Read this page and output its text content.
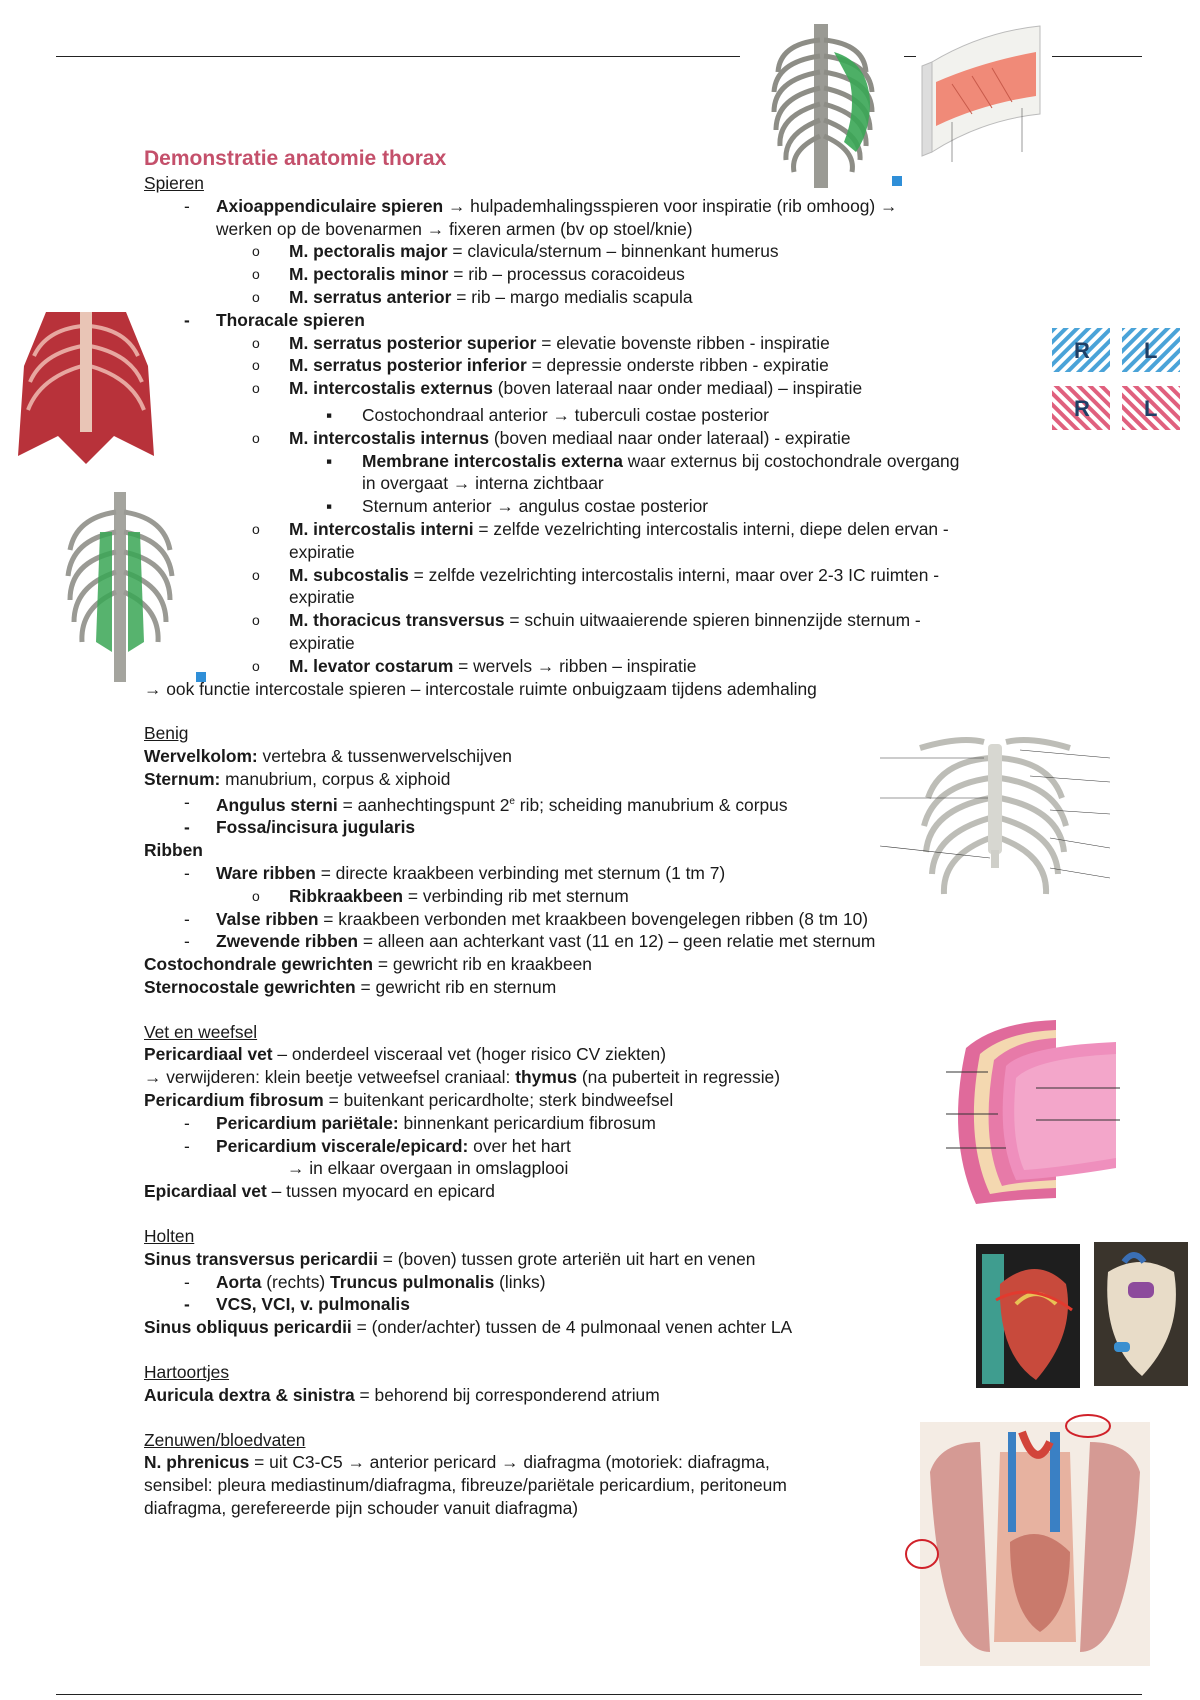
R L
R L
Demonstratie anatomie thorax
Spieren
- Axioappendiculaire spieren → hulpademhalingsspieren voor inspiratie (rib omhoog) →
werken op de bovenarmen → fixeren armen (bv op stoel/knie)
o M. pectoralis major = clavicula/sternum – binnenkant humerus
o M. pectoralis minor = rib – processus coracoideus
o M. serratus anterior = rib – margo medialis scapula
- Thoracale spieren
o M. serratus posterior superior = elevatie bovenste ribben - inspiratie
o M. serratus posterior inferior = depressie onderste ribben - expiratie
o M. intercostalis externus (boven lateraal naar onder mediaal) – inspiratie
▪ Costochondraal anterior → tuberculi costae posterior
o M. intercostalis internus (boven mediaal naar onder lateraal) - expiratie
▪ Membrane intercostalis externa waar externus bij costochondrale overgang
in overgaat → interna zichtbaar
▪ Sternum anterior → angulus costae posterior
o M. intercostalis interni = zelfde vezelrichting intercostalis interni, diepe delen ervan -
expiratie
o M. subcostalis = zelfde vezelrichting intercostalis interni, maar over 2-3 IC ruimten -
expiratie
o M. thoracicus transversus = schuin uitwaaierende spieren binnenzijde sternum -
expiratie
o M. levator costarum = wervels → ribben – inspiratie
→ ook functie intercostale spieren – intercostale ruimte onbuigzaam tijdens ademhaling
Benig
Wervelkolom: vertebra & tussenwervelschijven
Sternum: manubrium, corpus & xiphoid
- Angulus sterni = aanhechtingspunt 2e rib; scheiding manubrium & corpus
- Fossa/incisura jugularis
Ribben
- Ware ribben = directe kraakbeen verbinding met sternum (1 tm 7)
o Ribkraakbeen = verbinding rib met sternum
- Valse ribben = kraakbeen verbonden met kraakbeen bovengelegen ribben (8 tm 10)
- Zwevende ribben = alleen aan achterkant vast (11 en 12) – geen relatie met sternum
Costochondrale gewrichten = gewricht rib en kraakbeen
Sternocostale gewrichten = gewricht rib en sternum
Vet en weefsel
Pericardiaal vet – onderdeel visceraal vet (hoger risico CV ziekten)
→ verwijderen: klein beetje vetweefsel craniaal: thymus (na puberteit in regressie)
Pericardium fibrosum = buitenkant pericardholte; sterk bindweefsel
- Pericardium pariëtale: binnenkant pericardium fibrosum
- Pericardium viscerale/epicard: over het hart
→ in elkaar overgaan in omslagplooi
Epicardiaal vet – tussen myocard en epicard
Holten
Sinus transversus pericardii = (boven) tussen grote arteriën uit hart en venen
- Aorta (rechts) Truncus pulmonalis (links)
- VCS, VCI, v. pulmonalis
Sinus obliquus pericardii = (onder/achter) tussen de 4 pulmonaal venen achter LA
Hartoortjes
Auricula dextra & sinistra = behorend bij corresponderend atrium
Zenuwen/bloedvaten
N. phrenicus = uit C3-C5 → anterior pericard → diafragma (motoriek: diafragma,
sensibel: pleura mediastinum/diafragma, fibreuze/pariëtale pericardium, peritoneum
diafragma, gerefereerde pijn schouder vanuit diafragma)
